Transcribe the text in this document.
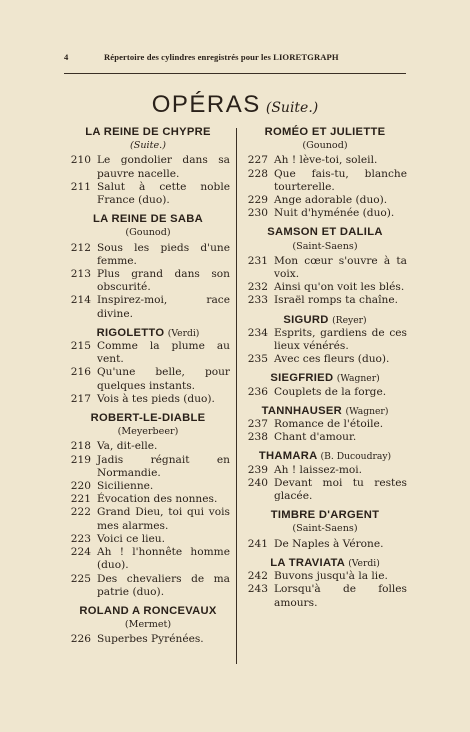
4	Répertoire des cylindres enregistrés pour les LIORETGRAPH
OPÉRAS (Suite.)
LA REINE DE CHYPRE
(Suite.)
210 Le gondolier dans sa pauvre nacelle.
211 Salut à cette noble France (duo).
LA REINE DE SABA
(Gounod)
212 Sous les pieds d'une femme.
213 Plus grand dans son obscurité.
214 Inspirez-moi, race divine.
RIGOLETTO (Verdi)
215 Comme la plume au vent.
216 Qu'une belle, pour quelques instants.
217 Vois à tes pieds (duo).
ROBERT-LE-DIABLE
(Meyerbeer)
218 Va, dit-elle.
219 Jadis régnait en Normandie.
220 Sicilienne.
221 Évocation des nonnes.
222 Grand Dieu, toi qui vois mes alarmes.
223 Voici ce lieu.
224 Ah ! l'honnête homme (duo).
225 Des chevaliers de ma patrie (duo).
ROLAND A RONCEVAUX
(Mermet)
226 Superbes Pyrénées.
ROMÉO ET JULIETTE
(Gounod)
227 Ah ! lève-toi, soleil.
228 Que fais-tu, blanche tourterelle.
229 Ange adorable (duo).
230 Nuit d'hyménée (duo).
SAMSON ET DALILA
(Saint-Saens)
231 Mon cœur s'ouvre à ta voix.
232 Ainsi qu'on voit les blés.
233 Israël romps ta chaîne.
SIGURD (Reyer)
234 Esprits, gardiens de ces lieux vénérés.
235 Avec ces fleurs (duo).
SIEGFRIED (Wagner)
236 Couplets de la forge.
TANNHAUSER (Wagner)
237 Romance de l'étoile.
238 Chant d'amour.
THAMARA (B. Ducoudray)
239 Ah ! laissez-moi.
240 Devant moi tu restes glacée.
TIMBRE D'ARGENT
(Saint-Saens)
241 De Naples à Vérone.
LA TRAVIATA (Verdi)
242 Buvons jusqu'à la lie.
243 Lorsqu'à de folles amours.
